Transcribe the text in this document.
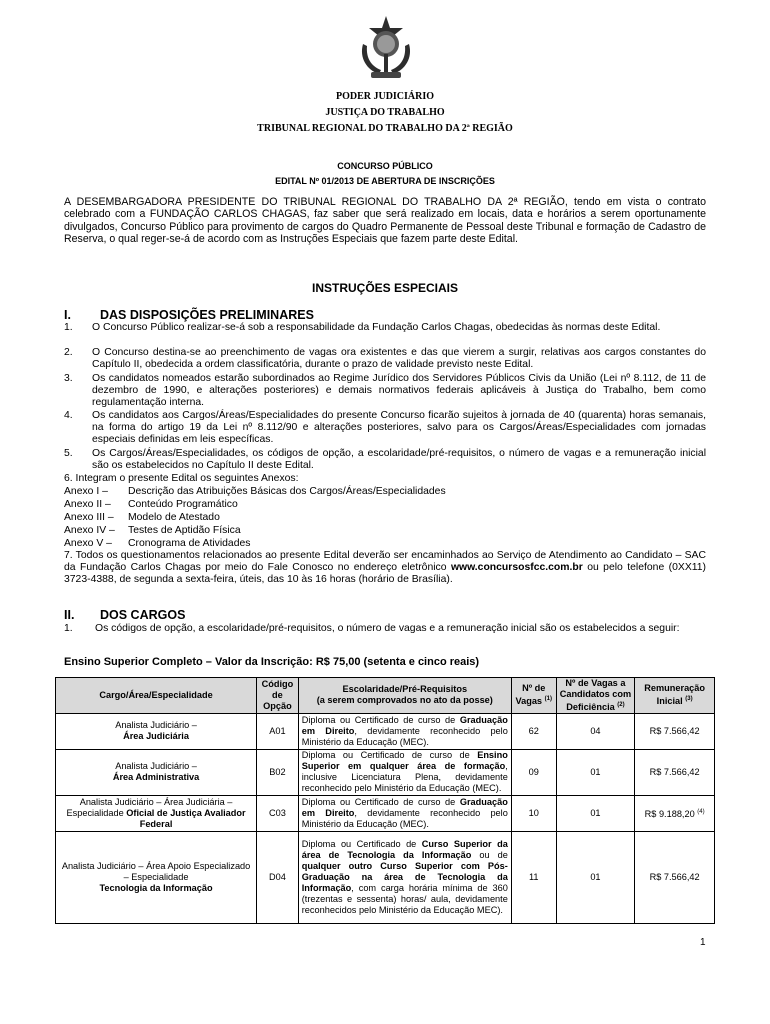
PODER JUDICIÁRIO
JUSTIÇA DO TRABALHO
TRIBUNAL REGIONAL DO TRABALHO DA 2ª REGIÃO
CONCURSO PÚBLICO
EDITAL Nº 01/2013 DE ABERTURA DE INSCRIÇÕES
A DESEMBARGADORA PRESIDENTE DO TRIBUNAL REGIONAL DO TRABALHO DA 2ª REGIÃO, tendo em vista o contrato celebrado com a FUNDAÇÃO CARLOS CHAGAS, faz saber que será realizado em locais, data e horários a serem oportunamente divulgados, Concurso Público para provimento de cargos do Quadro Permanente de Pessoal deste Tribunal e formação de Cadastro de Reserva, o qual reger-se-á de acordo com as Instruções Especiais que fazem parte deste Edital.
INSTRUÇÕES ESPECIAIS
I. DAS DISPOSIÇÕES PRELIMINARES
1. O Concurso Público realizar-se-á sob a responsabilidade da Fundação Carlos Chagas, obedecidas às normas deste Edital.
2. O Concurso destina-se ao preenchimento de vagas ora existentes e das que vierem a surgir, relativas aos cargos constantes do Capítulo II, obedecida a ordem classificatória, durante o prazo de validade previsto neste Edital.
3. Os candidatos nomeados estarão subordinados ao Regime Jurídico dos Servidores Públicos Civis da União (Lei nº 8.112, de 11 de dezembro de 1990, e alterações posteriores) e demais normativos federais aplicáveis à Justiça do Trabalho, bem como regulamentação interna.
4. Os candidatos aos Cargos/Áreas/Especialidades do presente Concurso ficarão sujeitos à jornada de 40 (quarenta) horas semanais, na forma do artigo 19 da Lei nº 8.112/90 e alterações posteriores, salvo para os Cargos/Áreas/Especialidades com jornadas especiais definidas em leis específicas.
5. Os Cargos/Áreas/Especialidades, os códigos de opção, a escolaridade/pré-requisitos, o número de vagas e a remuneração inicial são os estabelecidos no Capítulo II deste Edital.
6. Integram o presente Edital os seguintes Anexos:
Anexo I – Descrição das Atribuições Básicas dos Cargos/Áreas/Especialidades
Anexo II – Conteúdo Programático
Anexo III – Modelo de Atestado
Anexo IV – Testes de Aptidão Física
Anexo V – Cronograma de Atividades
7. Todos os questionamentos relacionados ao presente Edital deverão ser encaminhados ao Serviço de Atendimento ao Candidato – SAC da Fundação Carlos Chagas por meio do Fale Conosco no endereço eletrônico www.concursosfcc.com.br ou pelo telefone (0XX11) 3723-4388, de segunda a sexta-feira, úteis, das 10 às 16 horas (horário de Brasília).
II. DOS CARGOS
1. Os códigos de opção, a escolaridade/pré-requisitos, o número de vagas e a remuneração inicial são os estabelecidos a seguir:
Ensino Superior Completo – Valor da Inscrição: R$ 75,00 (setenta e cinco reais)
Cargo/Área/Especialidade	Código de Opção	Escolaridade/Pré-Requisitos
(a serem comprovados no ato da posse)	Nº de Vagas $^{(1)}$	Nº de Vagas a Candidatos com Deficiência $^{(2)}$	Remuneração Inicial $^{(3)}$
Analista Judiciário –
Área Judiciária	A01	Diploma ou Certificado de curso de Graduação em Direito, devidamente reconhecido pelo Ministério da Educação (MEC).	62	04	R$ 7.566,42
Analista Judiciário –
Área Administrativa	B02	Diploma ou Certificado de curso de Ensino Superior em qualquer área de formação, inclusive Licenciatura Plena, devidamente reconhecido pelo Ministério da Educação (MEC).	09	01	R$ 7.566,42
Analista Judiciário – Área Judiciária – Especialidade Oficial de Justiça Avaliador Federal	C03	Diploma ou Certificado de curso de Graduação em Direito, devidamente reconhecido pelo Ministério da Educação (MEC).	10	01	R$ 9.188,20 $^{(4)}$
Analista Judiciário – Área Apoio Especializado – Especialidade
Tecnologia da Informação	D04	Diploma ou Certificado de Curso Superior da área de Tecnologia da Informação ou de qualquer outro Curso Superior com Pós-Graduação na área de Tecnologia da Informação, com carga horária mínima de 360 (trezentas e sessenta) horas/ aula, devidamente reconhecidos pelo Ministério da Educação MEC).	11	01	R$ 7.566,42
1
